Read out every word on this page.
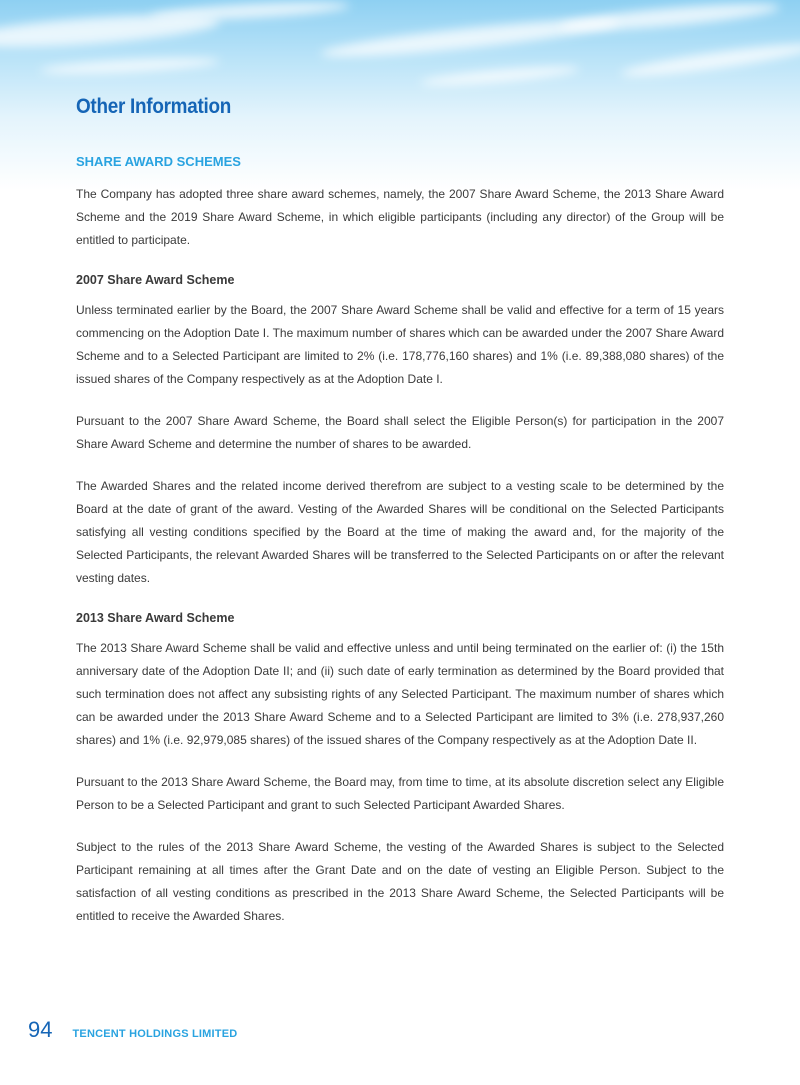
Other Information
SHARE AWARD SCHEMES

The Company has adopted three share award schemes, namely, the 2007 Share Award Scheme, the 2013 Share Award Scheme and the 2019 Share Award Scheme, in which eligible participants (including any director) of the Group will be entitled to participate.

2007 Share Award Scheme

Unless terminated earlier by the Board, the 2007 Share Award Scheme shall be valid and effective for a term of 15 years commencing on the Adoption Date I. The maximum number of shares which can be awarded under the 2007 Share Award Scheme and to a Selected Participant are limited to 2% (i.e. 178,776,160 shares) and 1% (i.e. 89,388,080 shares) of the issued shares of the Company respectively as at the Adoption Date I.

Pursuant to the 2007 Share Award Scheme, the Board shall select the Eligible Person(s) for participation in the 2007 Share Award Scheme and determine the number of shares to be awarded.

The Awarded Shares and the related income derived therefrom are subject to a vesting scale to be determined by the Board at the date of grant of the award. Vesting of the Awarded Shares will be conditional on the Selected Participants satisfying all vesting conditions specified by the Board at the time of making the award and, for the majority of the Selected Participants, the relevant Awarded Shares will be transferred to the Selected Participants on or after the relevant vesting dates.

2013 Share Award Scheme

The 2013 Share Award Scheme shall be valid and effective unless and until being terminated on the earlier of: (i) the 15th anniversary date of the Adoption Date II; and (ii) such date of early termination as determined by the Board provided that such termination does not affect any subsisting rights of any Selected Participant. The maximum number of shares which can be awarded under the 2013 Share Award Scheme and to a Selected Participant are limited to 3% (i.e. 278,937,260 shares) and 1% (i.e. 92,979,085 shares) of the issued shares of the Company respectively as at the Adoption Date II.

Pursuant to the 2013 Share Award Scheme, the Board may, from time to time, at its absolute discretion select any Eligible Person to be a Selected Participant and grant to such Selected Participant Awarded Shares.

Subject to the rules of the 2013 Share Award Scheme, the vesting of the Awarded Shares is subject to the Selected Participant remaining at all times after the Grant Date and on the date of vesting an Eligible Person. Subject to the satisfaction of all vesting conditions as prescribed in the 2013 Share Award Scheme, the Selected Participants will be entitled to receive the Awarded Shares.

94 TENCENT HOLDINGS LIMITED
